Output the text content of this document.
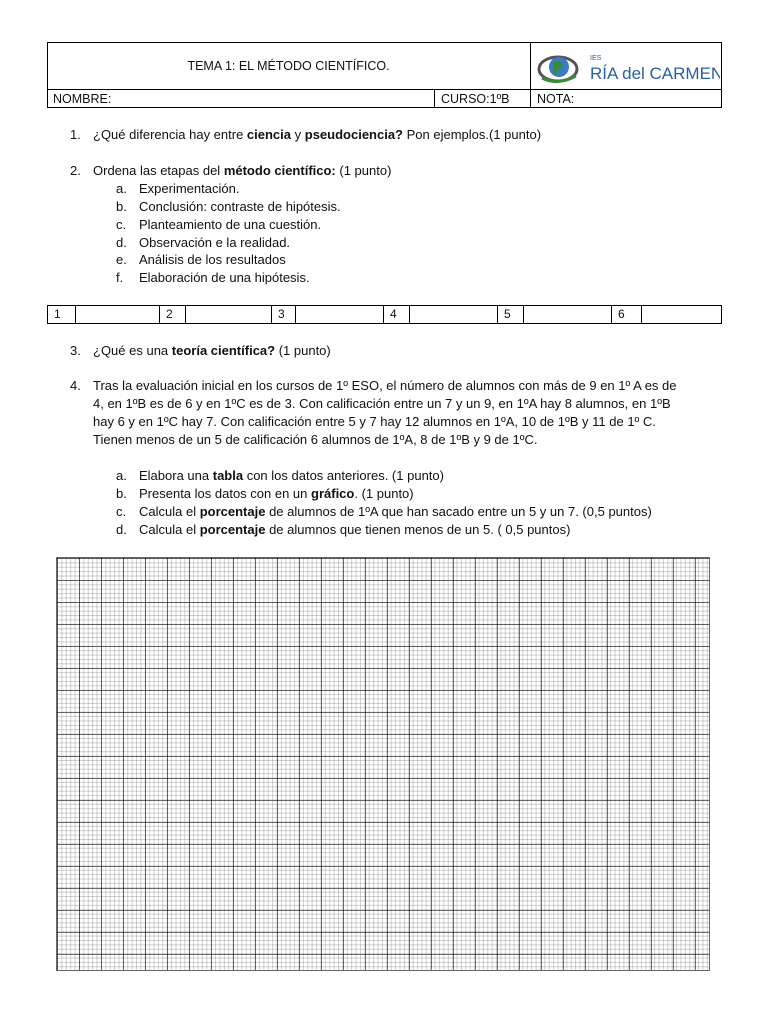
TEMA 1: EL MÉTODO CIENTÍFICO.
IES
RÍA del CARMEN
NOMBRE:	CURSO:1ºB	NOTA:
1. ¿Qué diferencia hay entre ciencia y pseudociencia? Pon ejemplos.(1 punto)
2. Ordena las etapas del método científico: (1 punto)
a. Experimentación.
b. Conclusión: contraste de hipótesis.
c. Planteamiento de una cuestión.
d. Observación e la realidad.
e. Análisis de los resultados
f. Elaboración de una hipótesis.
1	2	3	4	5	6
3. ¿Qué es una teoría científica? (1 punto)
4. Tras la evaluación inicial en los cursos de 1º ESO, el número de alumnos con más de 9 en 1º A es de
4, en 1ºB es de 6 y en 1ºC es de 3. Con calificación entre un 7 y un 9, en 1ºA hay 8 alumnos, en 1ºB
hay 6 y en 1ºC hay 7. Con calificación entre 5 y 7 hay 12 alumnos en 1ºA, 10 de 1ºB y 11 de 1º C.
Tienen menos de un 5 de calificación 6 alumnos de 1ºA, 8 de 1ºB y 9 de 1ºC.
a. Elabora una tabla con los datos anteriores. (1 punto)
b. Presenta los datos con en un gráfico. (1 punto)
c. Calcula el porcentaje de alumnos de 1ºA que han sacado entre un 5 y un 7. (0,5 puntos)
d. Calcula el porcentaje de alumnos que tienen menos de un 5. ( 0,5 puntos)
